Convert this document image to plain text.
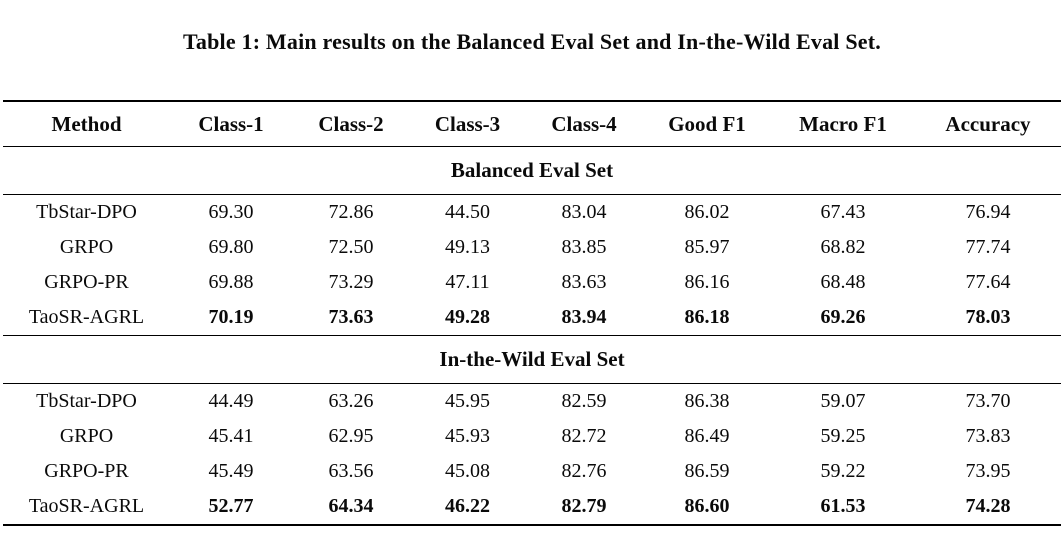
Table 1: Main results on the Balanced Eval Set and In-the-Wild Eval Set.
Method	Class-1	Class-2	Class-3	Class-4	Good F1	Macro F1	Accuracy
Balanced Eval Set							
TbStar-DPO	69.30	72.86	44.50	83.04	86.02	67.43	76.94
GRPO	69.80	72.50	49.13	83.85	85.97	68.82	77.74
GRPO-PR	69.88	73.29	47.11	83.63	86.16	68.48	77.64
TaoSR-AGRL	70.19	73.63	49.28	83.94	86.18	69.26	78.03
In-the-Wild Eval Set							
TbStar-DPO	44.49	63.26	45.95	82.59	86.38	59.07	73.70
GRPO	45.41	62.95	45.93	82.72	86.49	59.25	73.83
GRPO-PR	45.49	63.56	45.08	82.76	86.59	59.22	73.95
TaoSR-AGRL	52.77	64.34	46.22	82.79	86.60	61.53	74.28
